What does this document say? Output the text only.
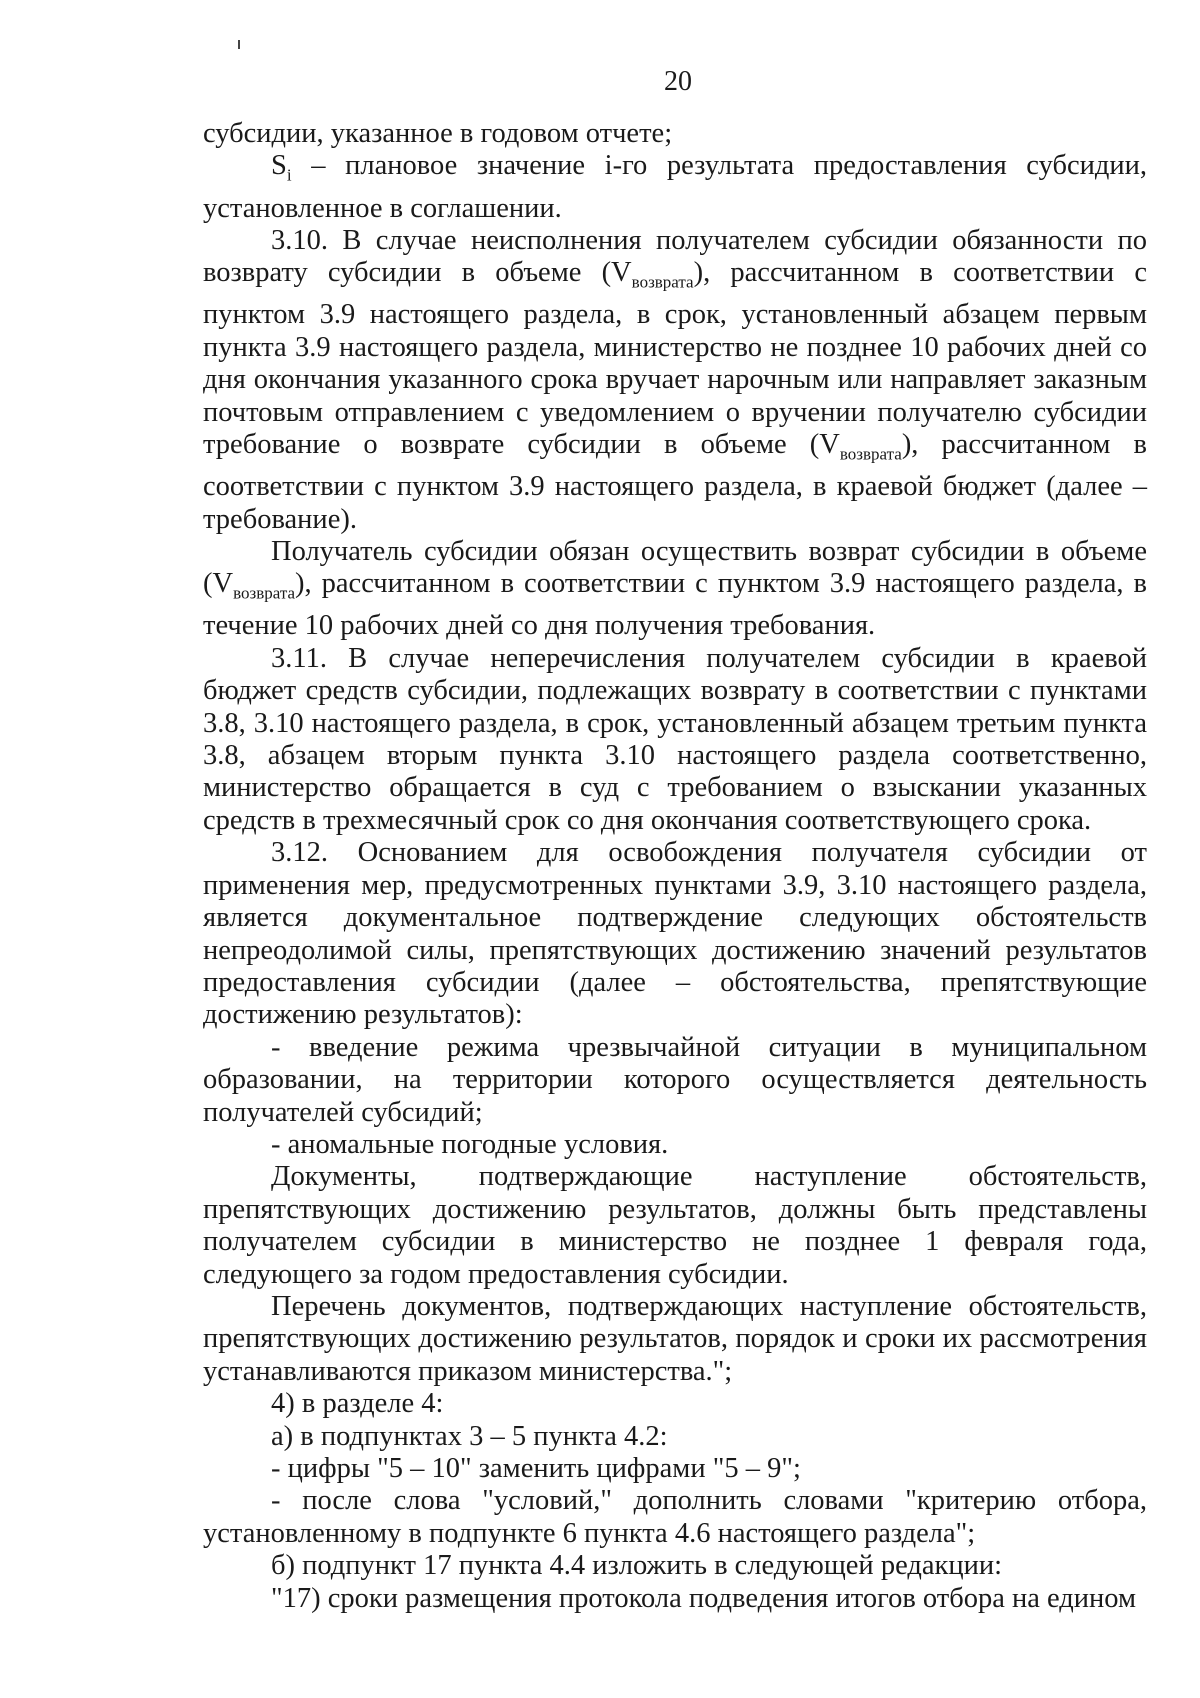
20

субсидии, указанное в годовом отчете;

$S_i$ – плановое значение i-го результата предоставления субсидии, установленное в соглашении.

3.10. В случае неисполнения получателем субсидии обязанности по возврату субсидии в объеме $(V_{возврата})$, рассчитанном в соответствии с пунктом 3.9 настоящего раздела, в срок, установленный абзацем первым пункта 3.9 настоящего раздела, министерство не позднее 10 рабочих дней со дня окончания указанного срока вручает нарочным или направляет заказным почтовым отправлением с уведомлением о вручении получателю субсидии требование о возврате субсидии в объеме $(V_{возврата})$, рассчитанном в соответствии с пунктом 3.9 настоящего раздела, в краевой бюджет (далее – требование).

Получатель субсидии обязан осуществить возврат субсидии в объеме $(V_{возврата})$, рассчитанном в соответствии с пунктом 3.9 настоящего раздела, в течение 10 рабочих дней со дня получения требования.

3.11. В случае неперечисления получателем субсидии в краевой бюджет средств субсидии, подлежащих возврату в соответствии с пунктами 3.8, 3.10 настоящего раздела, в срок, установленный абзацем третьим пункта 3.8, абзацем вторым пункта 3.10 настоящего раздела соответственно, министерство обращается в суд с требованием о взыскании указанных средств в трехмесячный срок со дня окончания соответствующего срока.

3.12. Основанием для освобождения получателя субсидии от применения мер, предусмотренных пунктами 3.9, 3.10 настоящего раздела, является документальное подтверждение следующих обстоятельств непреодолимой силы, препятствующих достижению значений результатов предоставления субсидии (далее – обстоятельства, препятствующие достижению результатов):

- введение режима чрезвычайной ситуации в муниципальном образовании, на территории которого осуществляется деятельность получателей субсидий;

- аномальные погодные условия.

Документы, подтверждающие наступление обстоятельств, препятствующих достижению результатов, должны быть представлены получателем субсидии в министерство не позднее 1 февраля года, следующего за годом предоставления субсидии.

Перечень документов, подтверждающих наступление обстоятельств, препятствующих достижению результатов, порядок и сроки их рассмотрения устанавливаются приказом министерства.";

4) в разделе 4:

а) в подпунктах 3 – 5 пункта 4.2:

- цифры "5 – 10" заменить цифрами "5 – 9";

- после слова "условий," дополнить словами "критерию отбора, установленному в подпункте 6 пункта 4.6 настоящего раздела";

б) подпункт 17 пункта 4.4 изложить в следующей редакции:

"17) сроки размещения протокола подведения итогов отбора на едином
